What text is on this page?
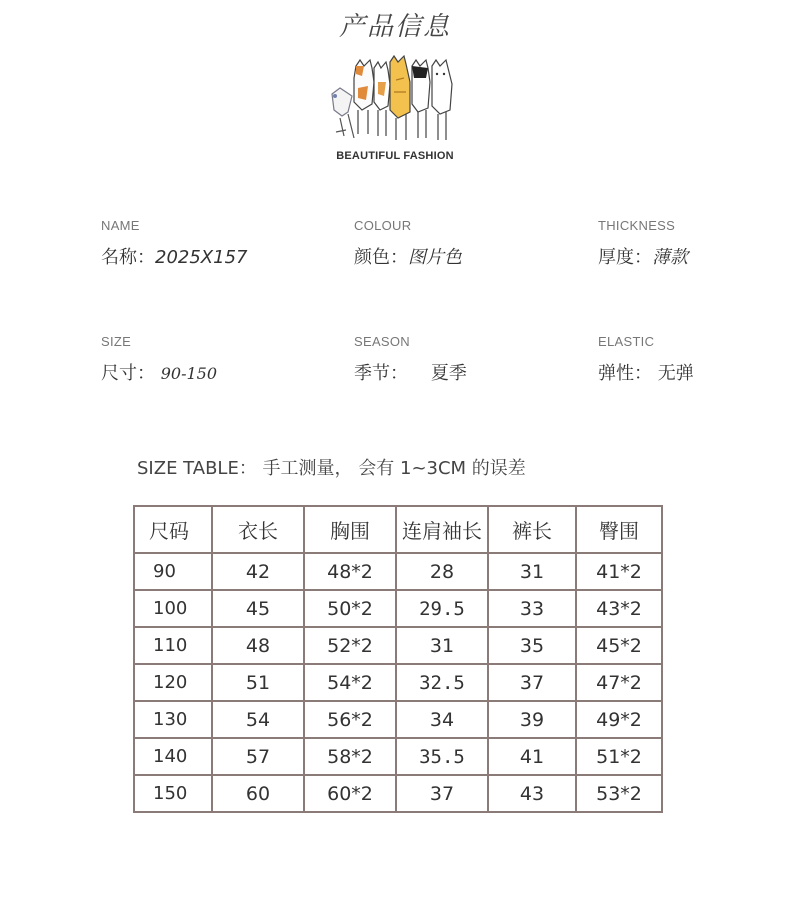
产品信息
BEAUTIFUL FASHION
NAME
名称：2025X157
COLOUR
颜色：图片色
THICKNESS
厚度：薄款
SIZE
尺寸： 90-150
SEASON
季节： 夏季
ELASTIC
弹性： 无弹
SIZE TABLE： 手工测量， 会有 1~3CM 的误差
尺码	衣长	胸围	连肩袖长	裤长	臀围
90	42	48*2	28	31	41*2
100	45	50*2	29.5	33	43*2
110	48	52*2	31	35	45*2
120	51	54*2	32.5	37	47*2
130	54	56*2	34	39	49*2
140	57	58*2	35.5	41	51*2
150	60	60*2	37	43	53*2
